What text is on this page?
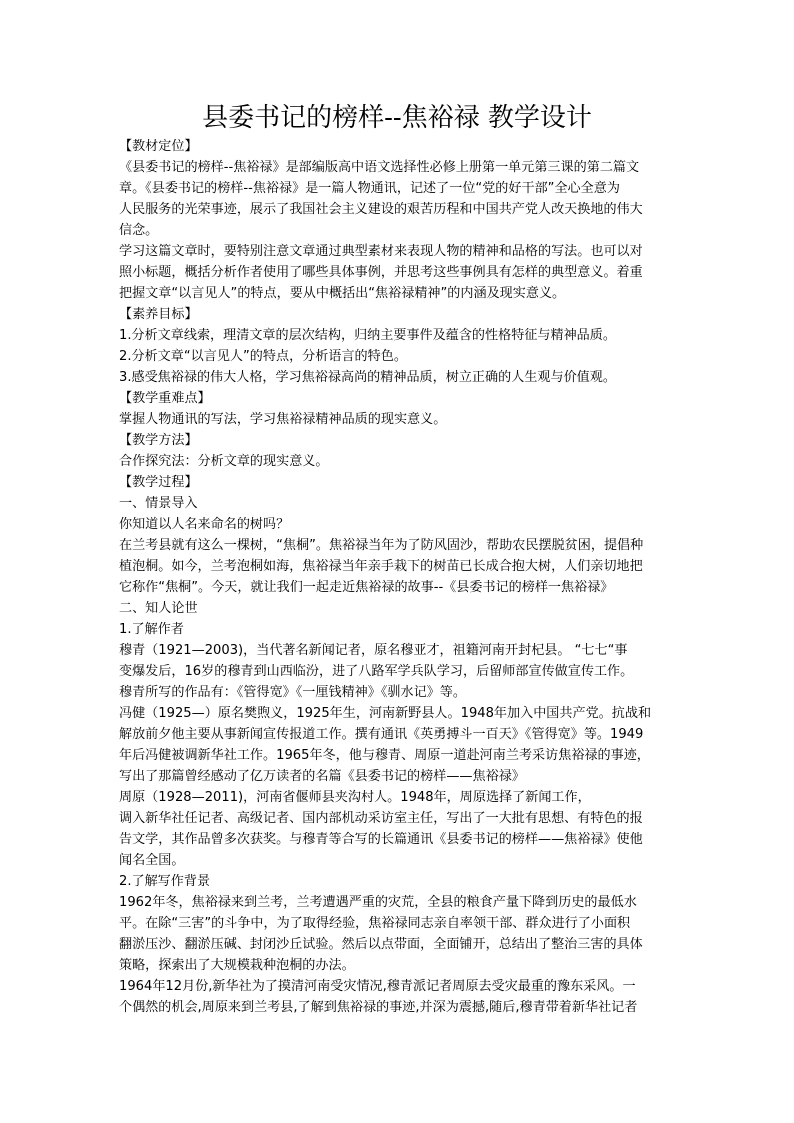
县委书记的榜样--焦裕禄 教学设计
【教材定位】
《县委书记的榜样--焦裕禄》是部编版高中语文选择性必修上册第一单元第三课的第二篇文
章。《县委书记的榜样--焦裕禄》是一篇人物通讯，记述了一位“党的好干部”全心全意为
人民服务的光荣事迹，展示了我国社会主义建设的艰苦历程和中国共产党人改天换地的伟大
信念。
学习这篇文章时，要特别注意文章通过典型素材来表现人物的精神和品格的写法。也可以对
照小标题，概括分析作者使用了哪些具体事例，并思考这些事例具有怎样的典型意义。着重
把握文章“以言见人”的特点，要从中概括出“焦裕禄精神”的内涵及现实意义。
【素养目标】
1.分析文章线索，理清文章的层次结构，归纳主要事件及蕴含的性格特征与精神品质。
2.分析文章“以言见人”的特点，分析语言的特色。
3.感受焦裕禄的伟大人格，学习焦裕禄高尚的精神品质，树立正确的人生观与价值观。
【教学重难点】
掌握人物通讯的写法，学习焦裕禄精神品质的现实意义。
【教学方法】
合作探究法：分析文章的现实意义。
【教学过程】
一、情景导入
你知道以人名来命名的树吗？
在兰考县就有这么一棵树，“焦桐”。焦裕禄当年为了防风固沙，帮助农民摆脱贫困，提倡种
植泡桐。如今，兰考泡桐如海，焦裕禄当年亲手栽下的树苗已长成合抱大树，人们亲切地把
它称作“焦桐”。今天，就让我们一起走近焦裕禄的故事--《县委书记的榜样一焦裕禄》
二、知人论世
1.了解作者
穆青（1921—2003)，当代著名新闻记者，原名穆亚才，祖籍河南开封杞县。 “七七“事
变爆发后，16岁的穆青到山西临汾，进了八路军学兵队学习，后留师部宣传做宣传工作。
穆青所写的作品有：《管得宽》《一厘钱精神》《驯水记》等。
冯健（1925—）原名樊煦义，1925年生，河南新野县人。1948年加入中国共产党。抗战和
解放前夕他主要从事新闻宣传报道工作。撰有通讯《英勇搏斗一百天》《管得宽》等。1949
年后冯健被调新华社工作。1965年冬，他与穆青、周原一道赴河南兰考采访焦裕禄的事迹，
写出了那篇曾经感动了亿万读者的名篇《县委书记的榜样——焦裕禄》
周原（1928—2011)，河南省偃师县夹沟村人。1948年，周原选择了新闻工作，
调入新华社任记者、高级记者、国内部机动采访室主任，写出了一大批有思想、有特色的报
告文学，其作品曾多次获奖。与穆青等合写的长篇通讯《县委书记的榜样——焦裕禄》使他
闻名全国。
2.了解写作背景
1962年冬，焦裕禄来到兰考，兰考遭遇严重的灾荒，全县的粮食产量下降到历史的最低水
平。在除“三害”的斗争中，为了取得经验，焦裕禄同志亲自率领干部、群众进行了小面积
翻淤压沙、翻淤压碱、封闭沙丘试验。然后以点带面，全面铺开，总结出了整治三害的具体
策略，探索出了大规模栽种泡桐的办法。
1964年12月份,新华社为了摸清河南受灾情况,穆青派记者周原去受灾最重的豫东采风。一
个偶然的机会,周原来到兰考县,了解到焦裕禄的事迹,并深为震撼,随后,穆青带着新华社记者
